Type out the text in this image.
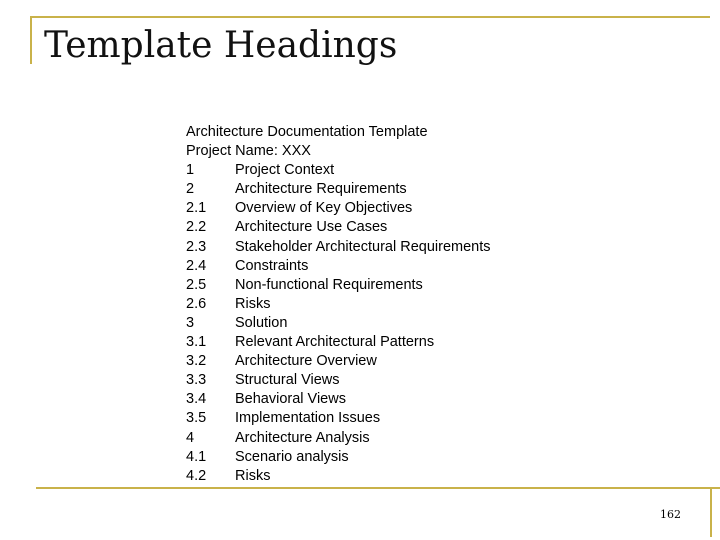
Template Headings
Architecture Documentation Template
Project Name: XXX
1	Project Context
2	Architecture Requirements
2.1	Overview of Key Objectives
2.2	Architecture Use Cases
2.3	Stakeholder Architectural Requirements
2.4	Constraints
2.5	Non-functional Requirements
2.6	Risks
3	Solution
3.1	Relevant Architectural Patterns
3.2	Architecture Overview
3.3	Structural Views
3.4	Behavioral Views
3.5	Implementation Issues
4	Architecture Analysis
4.1	Scenario analysis
4.2	Risks
162
